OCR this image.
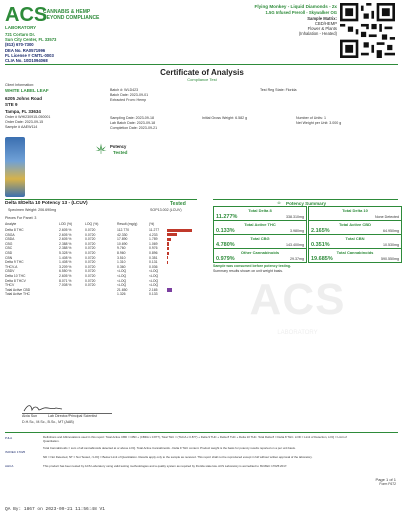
ACS
LABORATORY
CANNABIS & HEMP
BEYOND COMPLIANCE
721 Cortaro Dr.
Sun City Center, FL 33573
(813) 670-7300
DEA No. RA0571996
FL License # CMTL-0003
CLIA No. 10D1094068
Flying Monkey - Liquid Diamonds - 2x
1.5G Infused Preroll - Skywalker OG
Sample Matrix:
CBD/HEMP
Flower & Plants
(Inhalation - Heated)
Certificate of Analysis
Compliance Test
Client Information:
WHITE LABEL LEAF
6205 Johns Road
STE 9
Tampa, FL 33634
Order # WHI230915-050001
Order Date: 2023-09-15
Sample # AAEW114
Batch #: WLD423
Batch Date: 2023-09-01
Extracted From: Hemp
Test Reg State: Florida
Sampling Date: 2023-09-18
Lab Batch Date: 2023-09-18
Completion Date: 2023-09-21
Initial Gross Weight: 6.582 g	Number of Units: 1
Net Weight per Unit: 3.000 g
Potency
Tested
Delta 8/Delta 10 Potency 13 - (LCUV)	Tested
Specimen Weight: 206.690mg	SOP13.002 (LCUV)
Pieces For Panel: 3
Analyte	LOD (%)	LOQ (%)	Result (mg/g)	(%)
Delta 8 THC	2.605 %	0.0720	112.770	11.277
CBGA	2.605 %	0.0720	42.330	4.233
CBDA	2.605 %	0.0720	17.890	1.789
CBG	2.388 %	0.0720	10.690	1.069
CBC	2.388 %	0.0720	9.760	0.976
CBD	5.328 %	0.0720	8.960	0.896
CBN	1.408 %	0.0720	3.510	0.351
Delta 9 THC	1.408 %	0.0720	1.310	0.131
THCV-A	3.209 %	0.0720	0.360	0.036
CBDV	6.550 %	0.0720	<LOQ	<LOQ
Delta 10 THC	2.605 %	0.0720	<LOQ	<LOQ
Delta 8 THCV	8.071 %	0.0720	<LOQ	<LOQ
THCV	7.008 %	0.0720	<LOQ	<LOQ
Total Active CBD	21.650	2.165
Total Active THC	1.326	0.133
Potency Summary
Total Delta 8
11.277%	338.310mg
Total Delta 10
None Detected
Total Active THC
0.133%	3.980mg
Total Active CBD
2.165%	64.950mg
Total CBG
4.780%	143.400mg
Total CBN
0.351%	10.530mg
Other Cannabinoids
0.979%	29.37mg
Total Cannabinoids
19.685%	590.550mg
Sample was consumed before potency testing.
Summary results shown on unit weight basis.
ACS
LABORATORY
Aixia Sun	Lab Director/Principal Scientist
D.H.Sc., M.Sc., B.Sc., MT (AAB)
PJLA
ISO/IEC 17025
AHCA
Definitions and Abbreviations used in this report: Total Active CBD = CBD + (CBDA x 0.877), Total THC = (THCA x 0.877) + Delta 9 THC + Delta 8 THC + Delta 10 THC. Total Delta 8 = Delta 8 THC. LOD = Limit of Detection, LOQ = Limit of Quantitation.
Total Cannabinoids = sum of all cannabinoids detected at or above LOQ. Total Active Cannabinoids - Delta 9 THC content. Product weight is the basis for potency results reported on a per unit basis.
ND = Not Detected, NT = Not Tested, <LOQ = Below Limit of Quantitation. Results apply only to the sample as received. This report shall not be reproduced except in full without written approval of the laboratory.
This product has been tested by ACS Laboratory using valid testing methodologies and a quality system as required by Florida state law. ACS Laboratory is accredited to ISO/IEC 17025:2017.
Page 1 of 1
Form F672
QA By: 1867 on 2023-09-21 11:56:48 V1
